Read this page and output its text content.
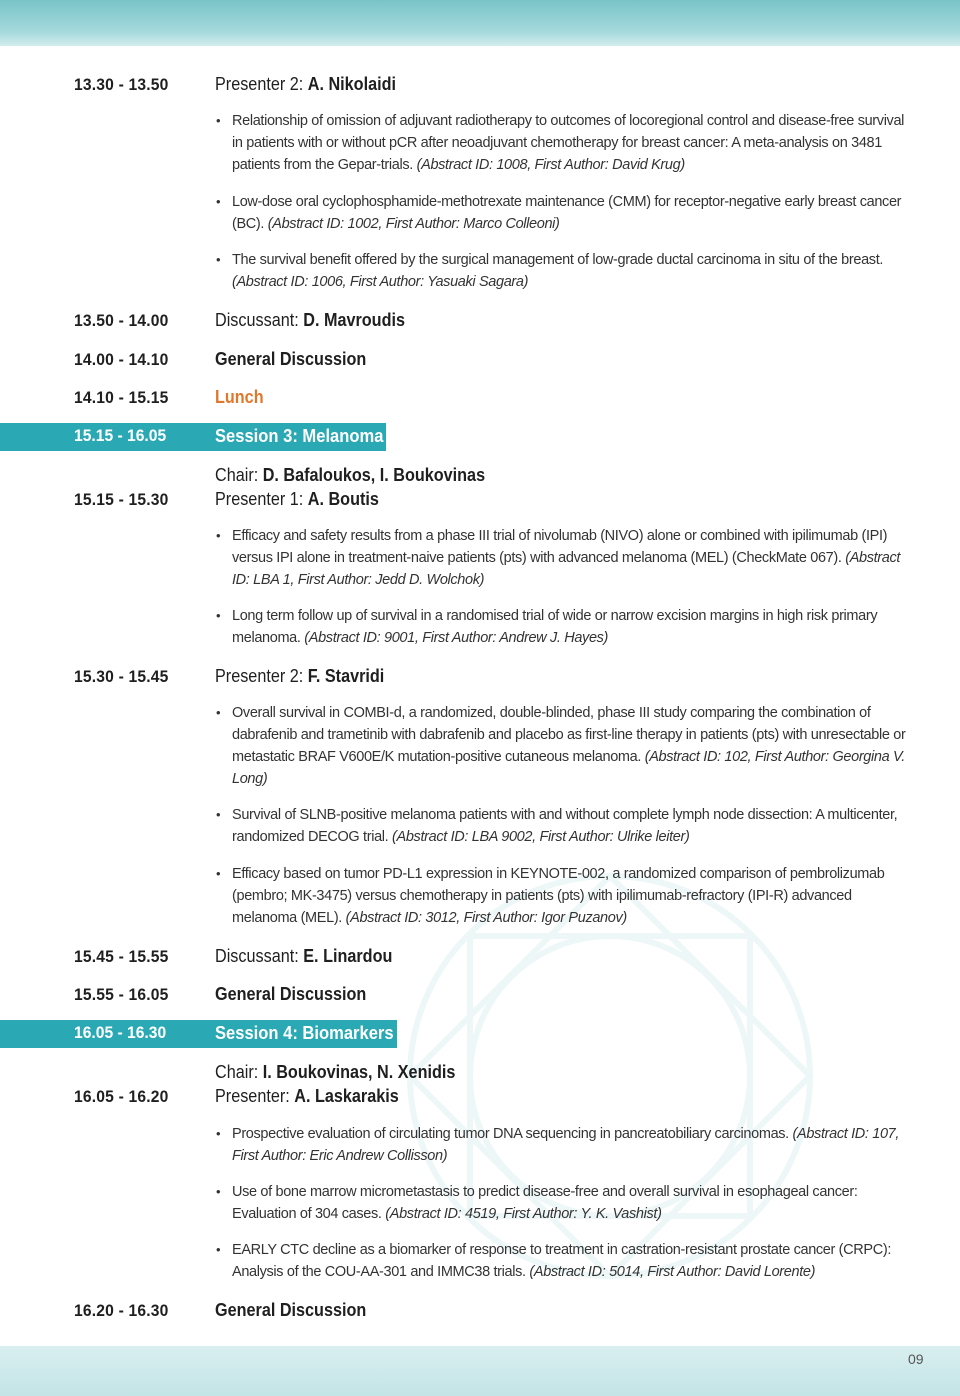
13.30 - 13.50	Presenter 2: A. Nikolaidi
• Relationship of omission of adjuvant radiotherapy to outcomes of locoregional control and disease-free survival in patients with or without pCR after neoadjuvant chemotherapy for breast cancer: A meta-analysis on 3481 patients from the Gepar-trials. (Abstract ID: 1008, First Author: David Krug)
• Low-dose oral cyclophosphamide-methotrexate maintenance (CMM) for receptor-negative early breast cancer (BC). (Abstract ID: 1002, First Author: Marco Colleoni)
• The survival benefit offered by the surgical management of low-grade ductal carcinoma in situ of the breast. (Abstract ID: 1006, First Author: Yasuaki Sagara)
13.50 - 14.00	Discussant: D. Mavroudis
14.00 - 14.10	General Discussion
14.10 - 15.15	Lunch
15.15 - 16.05	Session 3: Melanoma
Chair: D. Bafaloukos, I. Boukovinas
15.15 - 15.30	Presenter 1: A. Boutis
• Efficacy and safety results from a phase III trial of nivolumab (NIVO) alone or combined with ipilimumab (IPI) versus IPI alone in treatment-naive patients (pts) with advanced melanoma (MEL) (CheckMate 067). (Abstract ID: LBA 1, First Author: Jedd D. Wolchok)
• Long term follow up of survival in a randomised trial of wide or narrow excision margins in high risk primary melanoma. (Abstract ID: 9001, First Author: Andrew J. Hayes)
15.30 - 15.45	Presenter 2: F. Stavridi
• Overall survival in COMBI-d, a randomized, double-blinded, phase III study comparing the combination of dabrafenib and trametinib with dabrafenib and placebo as first-line therapy in patients (pts) with unresectable or metastatic BRAF V600E/K mutation-positive cutaneous melanoma. (Abstract ID: 102, First Author: Georgina V. Long)
• Survival of SLNB-positive melanoma patients with and without complete lymph node dissection: A multicenter, randomized DECOG trial. (Abstract ID: LBA 9002, First Author: Ulrike leiter)
• Efficacy based on tumor PD-L1 expression in KEYNOTE-002, a randomized comparison of pembrolizumab (pembro; MK-3475) versus chemotherapy in patients (pts) with ipilimumab-refractory (IPI-R) advanced melanoma (MEL). (Abstract ID: 3012, First Author: Igor Puzanov)
15.45 - 15.55	Discussant: E. Linardou
15.55 - 16.05	General Discussion
16.05 - 16.30	Session 4: Biomarkers
Chair: I. Boukovinas, N. Xenidis
16.05 - 16.20	Presenter: A. Laskarakis
• Prospective evaluation of circulating tumor DNA sequencing in pancreatobiliary carcinomas. (Abstract ID: 107, First Author: Eric Andrew Collisson)
• Use of bone marrow micrometastasis to predict disease-free and overall survival in esophageal cancer: Evaluation of 304 cases. (Abstract ID: 4519, First Author: Y. K. Vashist)
• EARLY CTC decline as a biomarker of response to treatment in castration-resistant prostate cancer (CRPC): Analysis of the COU-AA-301 and IMMC38 trials. (Abstract ID: 5014, First Author: David Lorente)
16.20 - 16.30	General Discussion
09
